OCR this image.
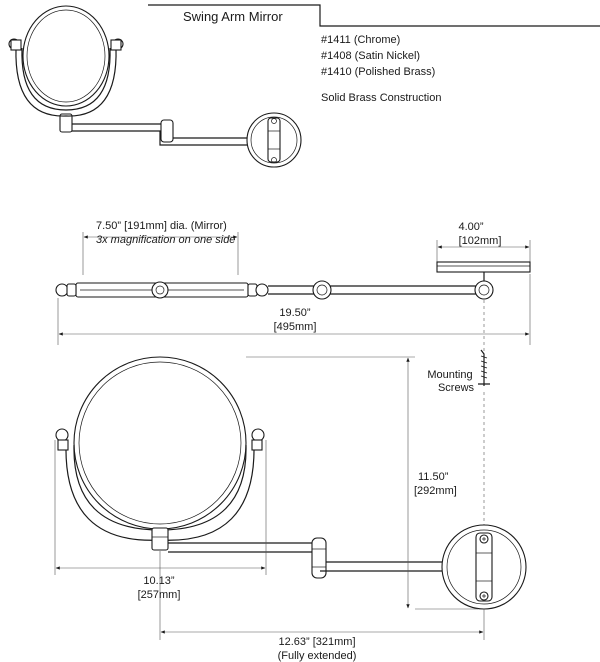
Swing Arm Mirror
#1411 (Chrome)
#1408 (Satin Nickel)
#1410 (Polished Brass)
Solid Brass Construction
7.50” [191mm] dia. (Mirror)
3x magnification on one side
4.00”
[102mm]
19.50”
[495mm]
Mounting
Screws
11.50”
[292mm]
10.13”
[257mm]
12.63” [321mm]
(Fully extended)
